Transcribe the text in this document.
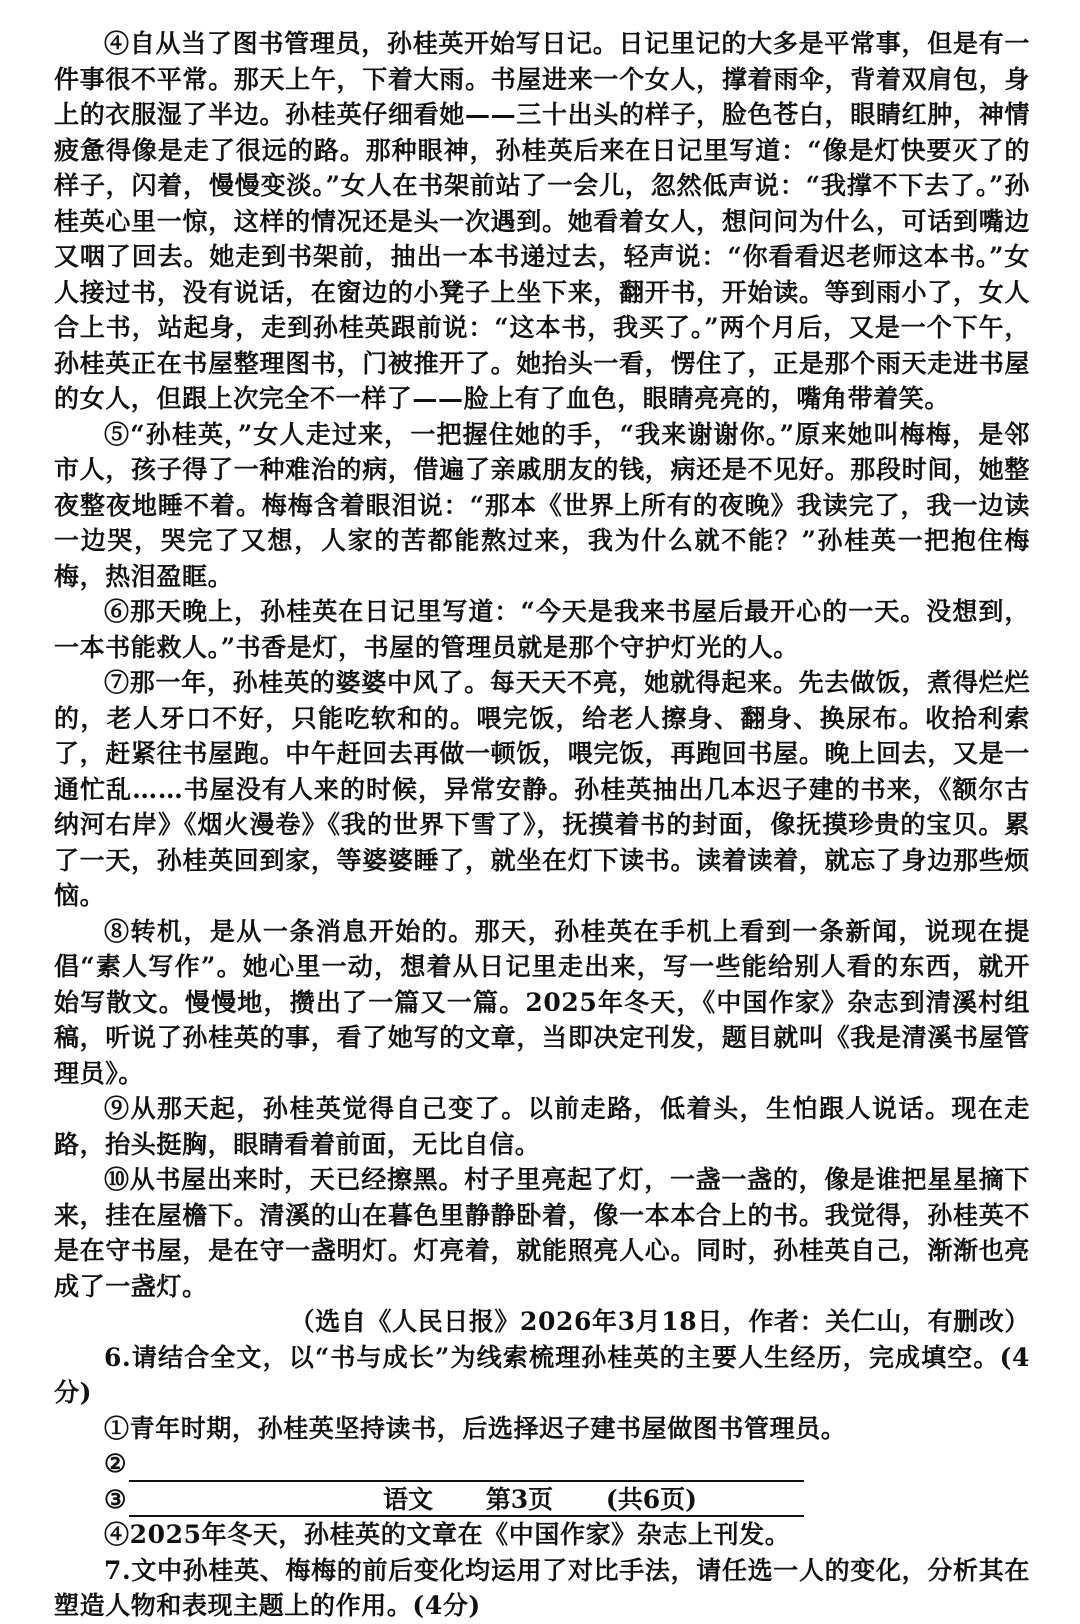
④自从当了图书管理员，孙桂英开始写日记。日记里记的大多是平常事，但是有一件事很不平常。那天上午，下着大雨。书屋进来一个女人，撑着雨伞，背着双肩包，身上的衣服湿了半边。孙桂英仔细看她——三十出头的样子，脸色苍白，眼睛红肿，神情疲惫得像是走了很远的路。那种眼神，孙桂英后来在日记里写道：“像是灯快要灭了的样子，闪着，慢慢变淡。”女人在书架前站了一会儿，忽然低声说：“我撑不下去了。”孙桂英心里一惊，这样的情况还是头一次遇到。她看着女人，想问问为什么，可话到嘴边又咽了回去。她走到书架前，抽出一本书递过去，轻声说：“你看看迟老师这本书。”女人接过书，没有说话，在窗边的小凳子上坐下来，翻开书，开始读。等到雨小了，女人合上书，站起身，走到孙桂英跟前说：“这本书，我买了。”两个月后，又是一个下午，孙桂英正在书屋整理图书，门被推开了。她抬头一看，愣住了，正是那个雨天走进书屋的女人，但跟上次完全不一样了——脸上有了血色，眼睛亮亮的，嘴角带着笑。

⑤“孙桂英，”女人走过来，一把握住她的手，“我来谢谢你。”原来她叫梅梅，是邻市人，孩子得了一种难治的病，借遍了亲戚朋友的钱，病还是不见好。那段时间，她整夜整夜地睡不着。梅梅含着眼泪说：“那本《世界上所有的夜晚》我读完了，我一边读一边哭，哭完了又想，人家的苦都能熬过来，我为什么就不能？”孙桂英一把抱住梅梅，热泪盈眶。

⑥那天晚上，孙桂英在日记里写道：“今天是我来书屋后最开心的一天。没想到，一本书能救人。”书香是灯，书屋的管理员就是那个守护灯光的人。

⑦那一年，孙桂英的婆婆中风了。每天天不亮，她就得起来。先去做饭，煮得烂烂的，老人牙口不好，只能吃软和的。喂完饭，给老人擦身、翻身、换尿布。收拾利索了，赶紧往书屋跑。中午赶回去再做一顿饭，喂完饭，再跑回书屋。晚上回去，又是一通忙乱……书屋没有人来的时候，异常安静。孙桂英抽出几本迟子建的书来，《额尔古纳河右岸》《烟火漫卷》《我的世界下雪了》，抚摸着书的封面，像抚摸珍贵的宝贝。累了一天，孙桂英回到家，等婆婆睡了，就坐在灯下读书。读着读着，就忘了身边那些烦恼。

⑧转机，是从一条消息开始的。那天，孙桂英在手机上看到一条新闻，说现在提倡“素人写作”。她心里一动，想着从日记里走出来，写一些能给别人看的东西，就开始写散文。慢慢地，攒出了一篇又一篇。2025年冬天，《中国作家》杂志到清溪村组稿，听说了孙桂英的事，看了她写的文章，当即决定刊发，题目就叫《我是清溪书屋管理员》。

⑨从那天起，孙桂英觉得自己变了。以前走路，低着头，生怕跟人说话。现在走路，抬头挺胸，眼睛看着前面，无比自信。

⑩从书屋出来时，天已经擦黑。村子里亮起了灯，一盏一盏的，像是谁把星星摘下来，挂在屋檐下。清溪的山在暮色里静静卧着，像一本本合上的书。我觉得，孙桂英不是在守书屋，是在守一盏明灯。灯亮着，就能照亮人心。同时，孙桂英自己，渐渐也亮成了一盏灯。

（选自《人民日报》2026年3月18日，作者：关仁山，有删改）

6.请结合全文，以“书与成长”为线索梳理孙桂英的主要人生经历，完成填空。(4分)

①青年时期，孙桂英坚持读书，后选择迟子建书屋做图书管理员。

②

③

④2025年冬天，孙桂英的文章在《中国作家》杂志上刊发。

7.文中孙桂英、梅梅的前后变化均运用了对比手法，请任选一人的变化，分析其在塑造人物和表现主题上的作用。(4分)

语文 第3页 (共6页)
